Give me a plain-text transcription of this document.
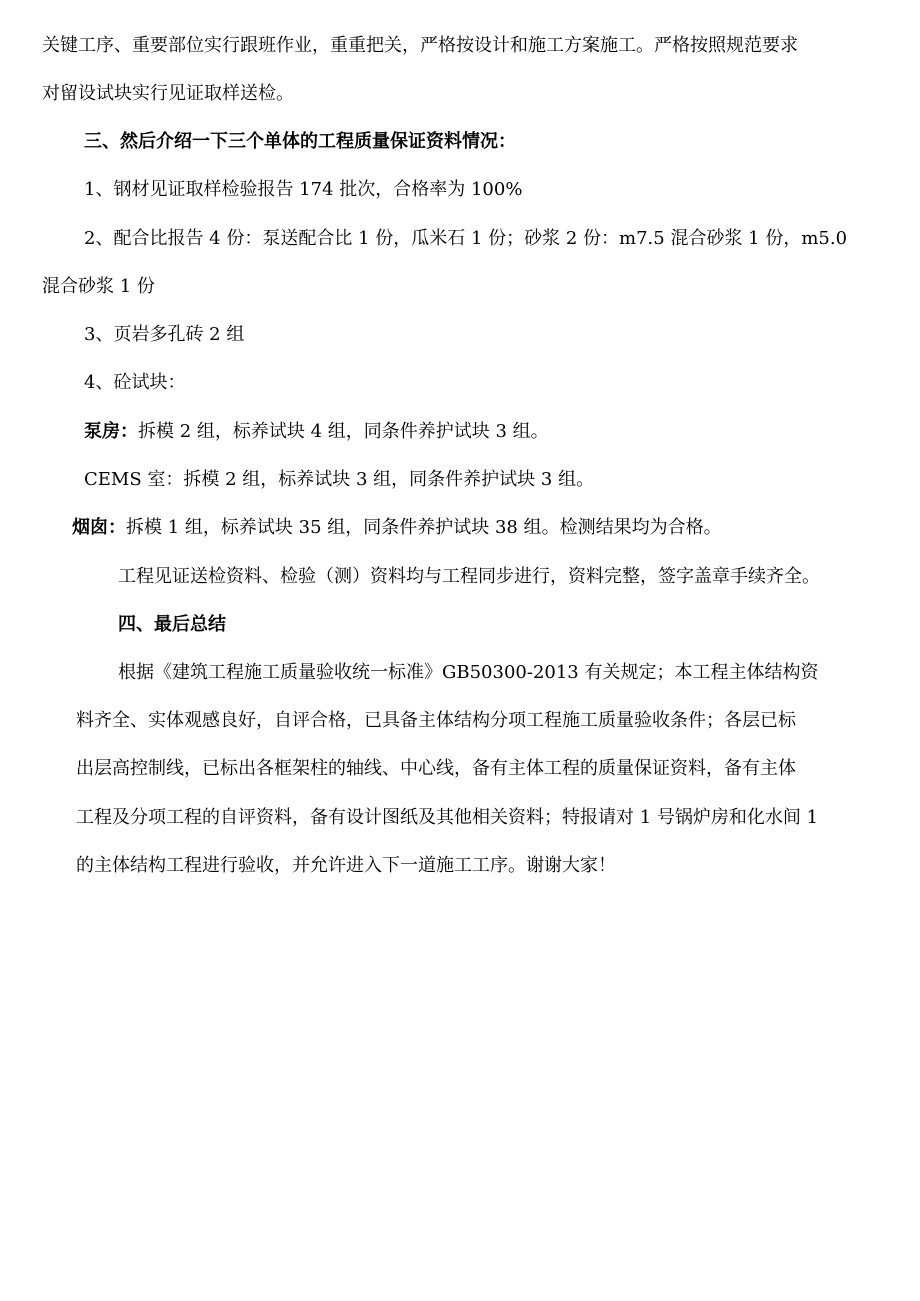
关键工序、重要部位实行跟班作业，重重把关，严格按设计和施工方案施工。严格按照规范要求
对留设试块实行见证取样送检。
三、然后介绍一下三个单体的工程质量保证资料情况：
1、钢材见证取样检验报告 174 批次，合格率为 100%
2、配合比报告 4 份：泵送配合比 1 份，瓜米石 1 份；砂浆 2 份：m7.5 混合砂浆 1 份，m5.0
混合砂浆 1 份
3、页岩多孔砖 2 组
4、砼试块：
泵房：拆模 2 组，标养试块 4 组，同条件养护试块 3 组。
CEMS 室：拆模 2 组，标养试块 3 组，同条件养护试块 3 组。
烟囱：拆模 1 组，标养试块 35 组，同条件养护试块 38 组。检测结果均为合格。
工程见证送检资料、检验（测）资料均与工程同步进行，资料完整，签字盖章手续齐全。
四、最后总结
根据《建筑工程施工质量验收统一标准》GB50300-2013 有关规定；本工程主体结构资
料齐全、实体观感良好，自评合格，已具备主体结构分项工程施工质量验收条件；各层已标
出层高控制线，已标出各框架柱的轴线、中心线，备有主体工程的质量保证资料，备有主体
工程及分项工程的自评资料，备有设计图纸及其他相关资料；特报请对 1 号锅炉房和化水间 1
的主体结构工程进行验收，并允许进入下一道施工工序。谢谢大家！
